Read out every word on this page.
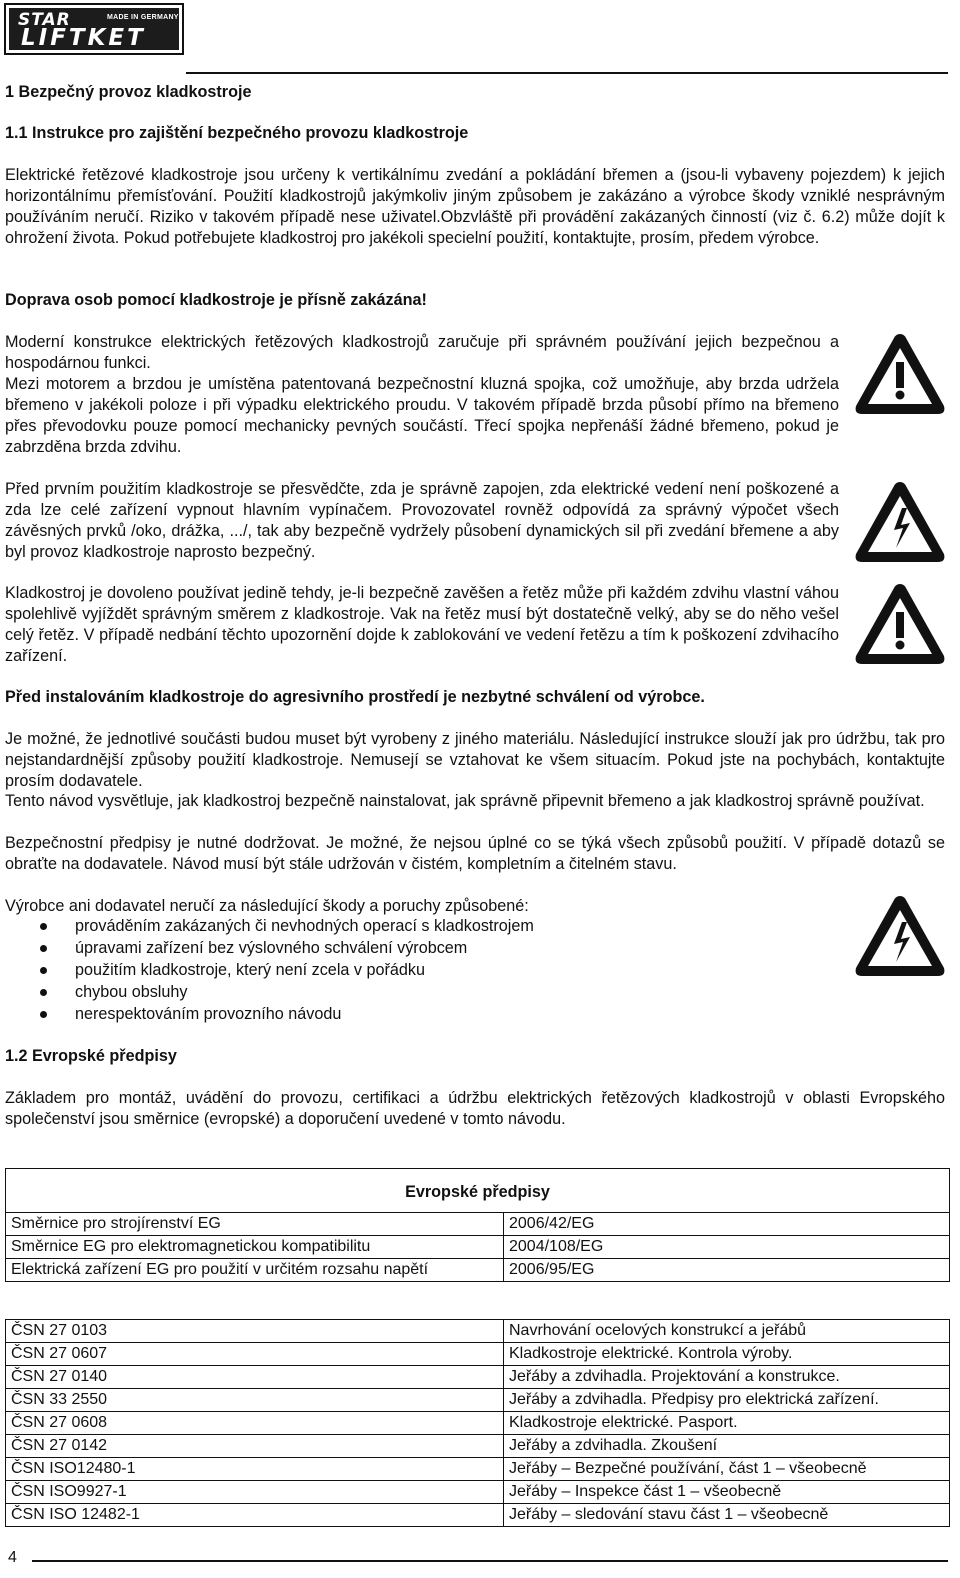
STAR	MADE IN GERMANY
LIFTKET
1 Bezpečný provoz kladkostroje
1.1 Instrukce pro zajištění bezpečného provozu kladkostroje

Elektrické řetězové kladkostroje jsou určeny k vertikálnímu zvedání a pokládání břemen a (jsou-li vybaveny pojezdem) k jejich horizontálnímu přemísťování. Použití kladkostrojů jakýmkoliv jiným způsobem je zakázáno a výrobce škody vzniklé nesprávným používáním neručí. Riziko v takovém případě nese uživatel.Obzvláště při provádění zakázaných činností (viz č. 6.2) může dojít k ohrožení života. Pokud potřebujete kladkostroj pro jakékoli specielní použití, kontaktujte, prosím, předem výrobce.

Doprava osob pomocí kladkostroje je přísně zakázána!

Moderní konstrukce elektrických řetězových kladkostrojů zaručuje při správném používání jejich bezpečnou a hospodárnou funkci.

Mezi motorem a brzdou je umístěna patentovaná bezpečnostní kluzná spojka, což umožňuje, aby brzda udržela břemeno v jakékoli poloze i při výpadku elektrického proudu. V takovém případě brzda působí přímo na břemeno přes převodovku pouze pomocí mechanicky pevných součástí. Třecí spojka nepřenáší žádné břemeno, pokud je zabrzděna brzda zdvihu.

Před prvním použitím kladkostroje se přesvědčte, zda je správně zapojen, zda elektrické vedení není poškozené a zda lze celé zařízení vypnout hlavním vypínačem. Provozovatel rovněž odpovídá za správný výpočet všech závěsných prvků /oko, drážka, .../, tak aby bezpečně vydržely působení dynamických sil při zvedání břemene a aby byl provoz kladkostroje naprosto bezpečný.

Kladkostroj je dovoleno používat jedině tehdy, je-li bezpečně zavěšen a řetěz může při každém zdvihu vlastní váhou spolehlivě vyjíždět správným směrem z kladkostroje. Vak na řetěz musí být dostatečně velký, aby se do něho vešel celý řetěz. V případě nedbání těchto upozornění dojde k zablokování ve vedení řetězu a tím k poškození zdvihacího zařízení.

Před instalováním kladkostroje do agresivního prostředí je nezbytné schválení od výrobce.

Je možné, že jednotlivé součásti budou muset být vyrobeny z jiného materiálu. Následující instrukce slouží jak pro údržbu, tak pro nejstandardnější způsoby použití kladkostroje. Nemusejí se vztahovat ke všem situacím. Pokud jste na pochybách, kontaktujte prosím dodavatele.

Tento návod vysvětluje, jak kladkostroj bezpečně nainstalovat, jak správně připevnit břemeno a jak kladkostroj správně používat.

Bezpečnostní předpisy je nutné dodržovat. Je možné, že nejsou úplné co se týká všech způsobů použití. V případě dotazů se obraťte na dodavatele. Návod musí být stále udržován v čistém, kompletním a čitelném stavu.

Výrobce ani dodavatel neručí za následující škody a poruchy způsobené:
prováděním zakázaných či nevhodných operací s kladkostrojem
úpravami zařízení bez výslovného schválení výrobcem
použitím kladkostroje, který není zcela v pořádku
chybou obsluhy
nerespektováním provozního návodu
1.2 Evropské předpisy

Základem pro montáž, uvádění do provozu, certifikaci a údržbu elektrických řetězových kladkostrojů v oblasti Evropského společenství jsou směrnice (evropské) a doporučení uvedené v tomto návodu.

Evropské předpisy
Směrnice pro strojírenství EG	2006/42/EG
Směrnice EG pro elektromagnetickou kompatibilitu	2004/108/EG
Elektrická zařízení EG pro použití v určitém rozsahu napětí	2006/95/EG
ČSN 27 0103	Navrhování ocelových konstrukcí a jeřábů
ČSN 27 0607	Kladkostroje elektrické. Kontrola výroby.
ČSN 27 0140	Jeřáby a zdvihadla. Projektování a konstrukce.
ČSN 33 2550	Jeřáby a zdvihadla. Předpisy pro elektrická zařízení.
ČSN 27 0608	Kladkostroje elektrické. Pasport.
ČSN 27 0142	Jeřáby a zdvihadla. Zkoušení
ČSN ISO12480-1	Jeřáby – Bezpečné používání, část 1 – všeobecně
ČSN ISO9927-1	Jeřáby – Inspekce část 1 – všeobecně
ČSN ISO 12482-1	Jeřáby – sledování stavu část 1 – všeobecně
4
